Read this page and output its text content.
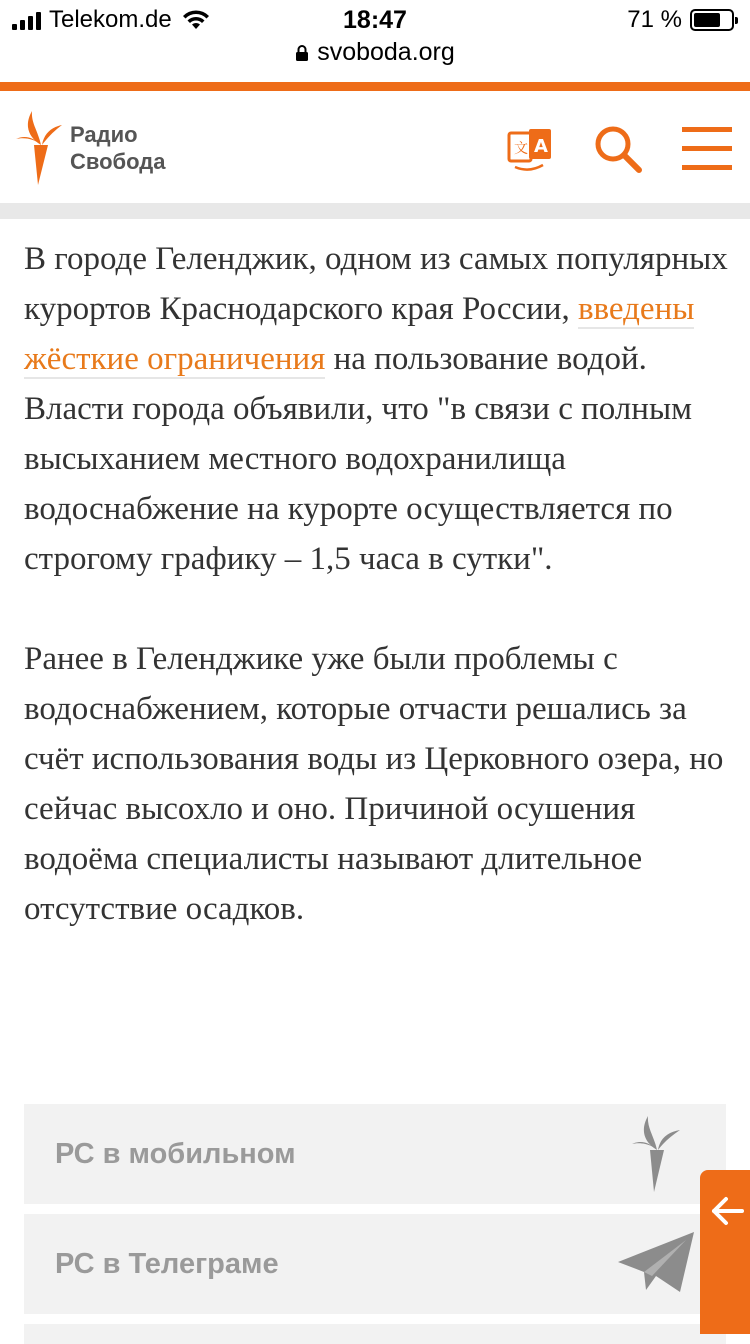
Telekom.de	18:47	71 %
svoboda.org
Радио
Свобода	文 A

В городе Геленджик, одном из самых популярных курортов Краснодарского края России, введены жёсткие ограничения на пользование водой. Власти города объявили, что "в связи с полным высыханием местного водохранилища водоснабжение на курорте осуществляется по строгому графику – 1,5 часа в сутки".

Ранее в Геленджике уже были проблемы с водоснабжением, которые отчасти решались за счёт использования воды из Церковного озера, но сейчас высохло и оно. Причиной осушения водоёма специалисты называют длительное отсутствие осадков.

РС в мобильном
РС в Телеграме
